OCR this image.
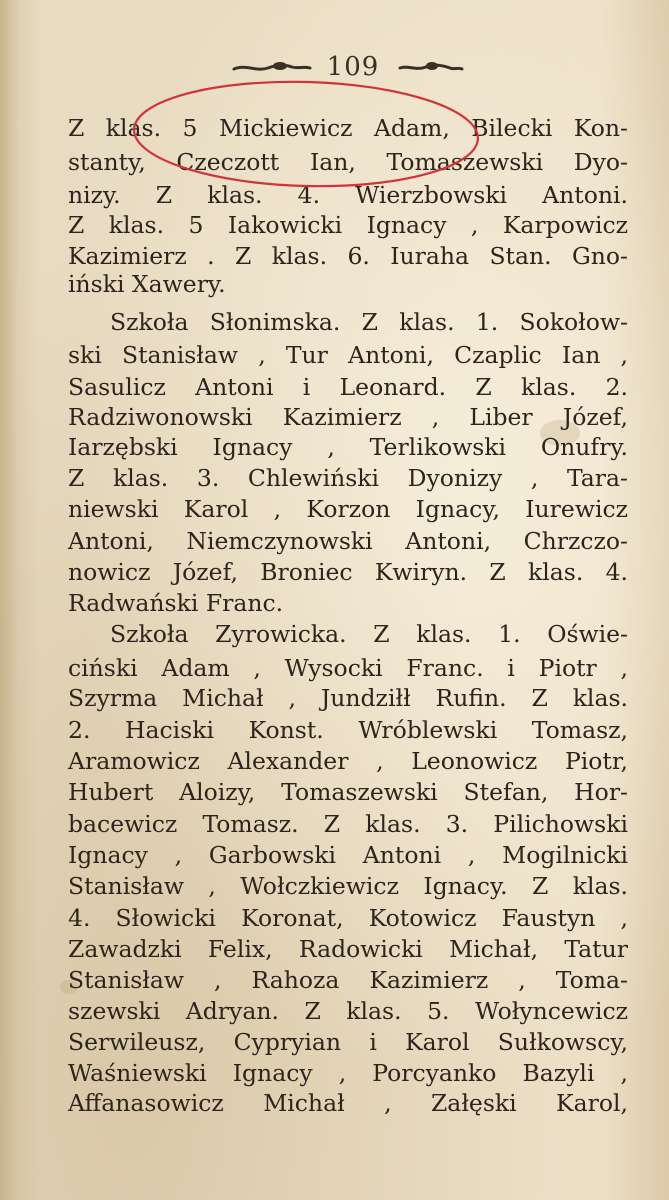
109
Z klas. 5 Mickiewicz Adam, Bilecki Kon-
stanty, Czeczott Ian, Tomaszewski Dyo-
nizy. Z klas. 4. Wierzbowski Antoni.
Z klas. 5 Iakowicki Ignacy , Karpowicz
Kazimierz . Z klas. 6. Iuraha Stan. Gno-
iński Xawery.
Szkoła Słonimska. Z klas. 1. Sokołow-
ski Stanisław , Tur Antoni, Czaplic Ian ,
Sasulicz Antoni i Leonard. Z klas. 2.
Radziwonowski Kazimierz , Liber Józef,
Iarzębski Ignacy , Terlikowski Onufry.
Z klas. 3. Chlewiński Dyonizy , Tara-
niewski Karol , Korzon Ignacy, Iurewicz
Antoni, Niemczynowski Antoni, Chrzczo-
nowicz Józef, Broniec Kwiryn. Z klas. 4.
Radwański Franc.
Szkoła Zyrowicka. Z klas. 1. Oświe-
ciński Adam , Wysocki Franc. i Piotr ,
Szyrma Michał , Jundziłł Rufin. Z klas.
2. Haciski Konst. Wróblewski Tomasz,
Aramowicz Alexander , Leonowicz Piotr,
Hubert Aloizy, Tomaszewski Stefan, Hor-
bacewicz Tomasz. Z klas. 3. Pilichowski
Ignacy , Garbowski Antoni , Mogilnicki
Stanisław , Wołczkiewicz Ignacy. Z klas.
4. Słowicki Koronat, Kotowicz Faustyn ,
Zawadzki Felix, Radowicki Michał, Tatur
Stanisław , Rahoza Kazimierz , Toma-
szewski Adryan. Z klas. 5. Wołyncewicz
Serwileusz, Cypryian i Karol Sułkowscy,
Waśniewski Ignacy , Porcyanko Bazyli ,
Affanasowicz Michał , Załęski Karol,
